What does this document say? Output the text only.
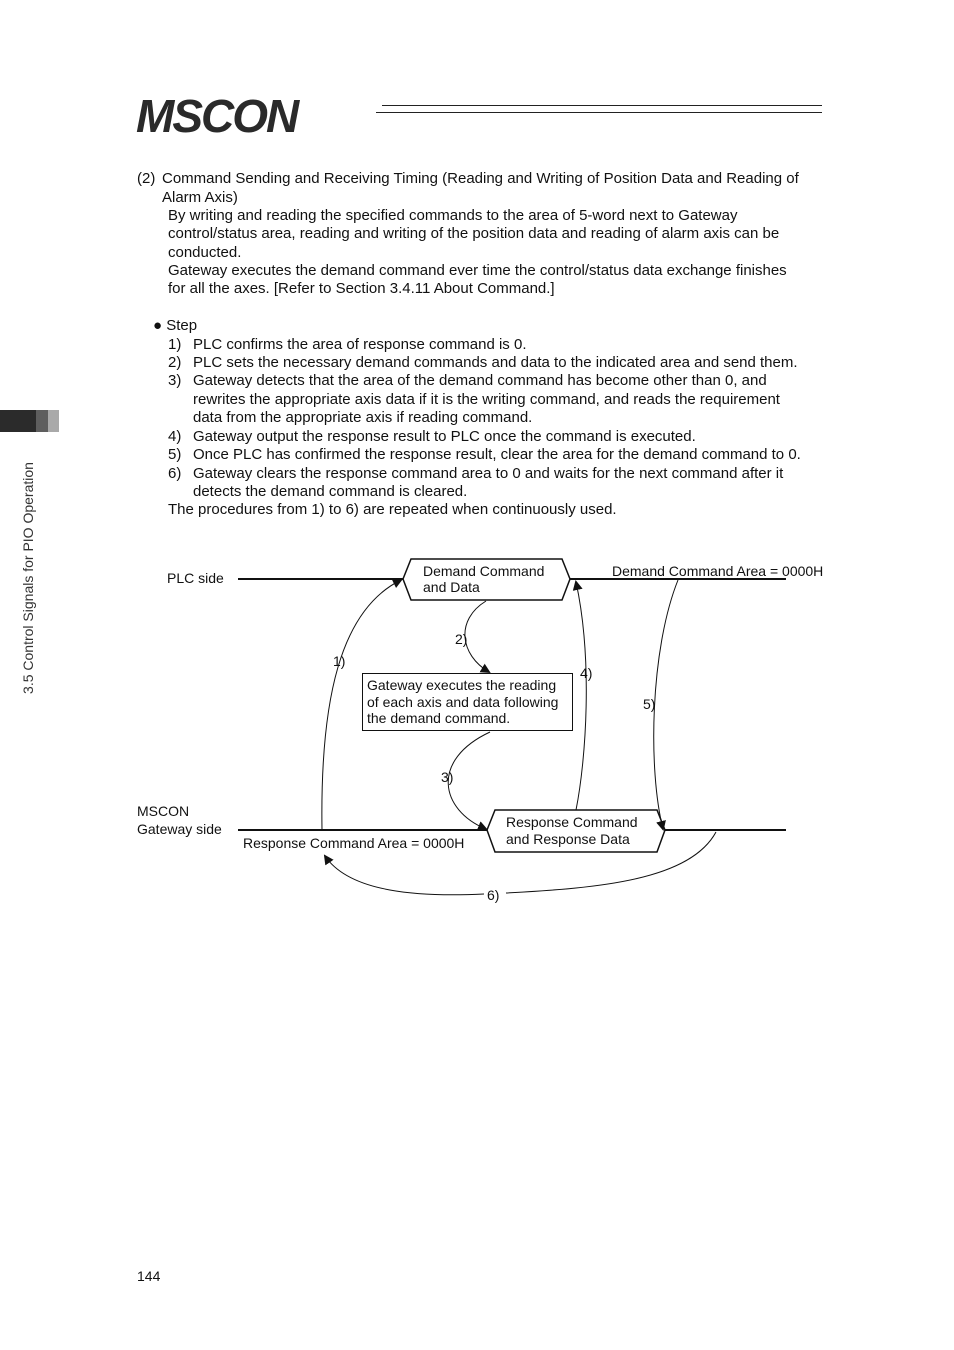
MSCON
3.5 Control Signals for PIO Operation
(2) Command Sending and Receiving Timing (Reading and Writing of Position Data and Reading of
Alarm Axis)
By writing and reading the specified commands to the area of 5-word next to Gateway
control/status area, reading and writing of the position data and reading of alarm axis can be
conducted.
Gateway executes the demand command ever time the control/status data exchange finishes
for all the axes. [Refer to Section 3.4.11 About Command.]
● Step
1) PLC confirms the area of response command is 0.
2) PLC sets the necessary demand commands and data to the indicated area and send them.
3) Gateway detects that the area of the demand command has become other than 0, and
rewrites the appropriate axis data if it is the writing command, and reads the requirement
data from the appropriate axis if reading command.
4) Gateway output the response result to PLC once the command is executed.
5) Once PLC has confirmed the response result, clear the area for the demand command to 0.
6) Gateway clears the response command area to 0 and waits for the next command after it
detects the demand command is cleared.
The procedures from 1) to 6) are repeated when continuously used.
PLC side
MSCON
Gateway side
Demand Command
and Data
Demand Command Area = 0000H
Gateway executes the reading
of each axis and data following
the demand command.
Response Command
and Response Data
Response Command Area = 0000H
1)
2)
3)
4)
5)
6)
144
